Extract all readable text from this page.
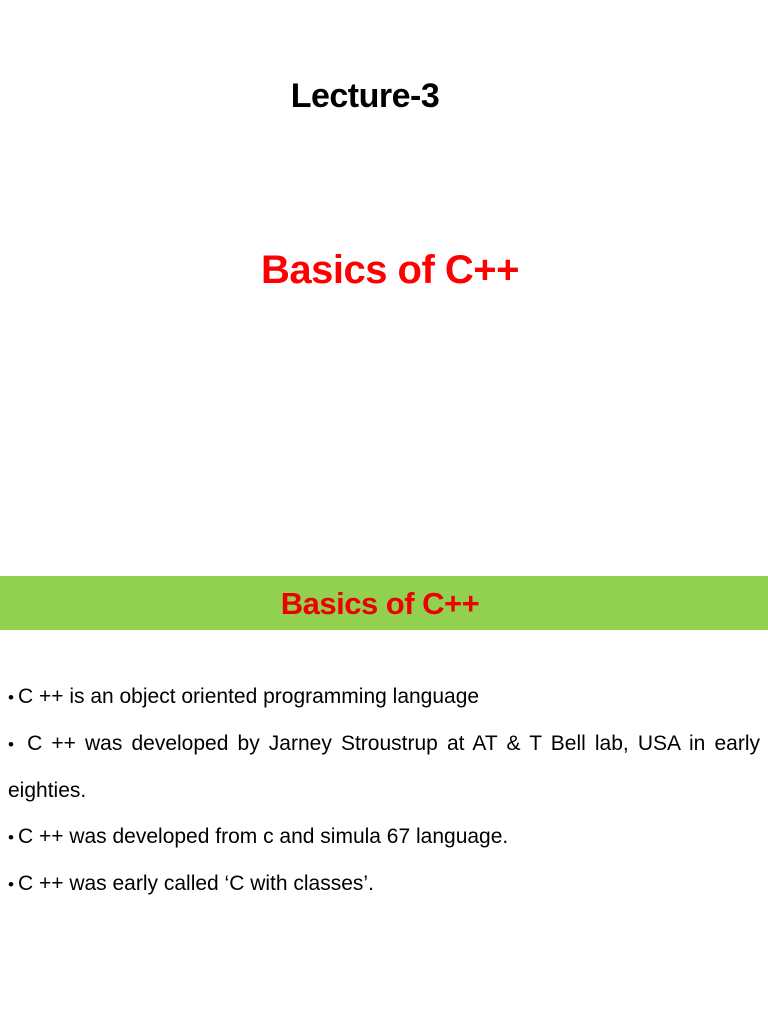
Lecture-3
Basics of C++
Basics of C++

• C ++ is an object oriented programming language

• C ++ was developed by Jarney Stroustrup at AT & T Bell lab, USA in early eighties.

• C ++ was developed from c and simula 67 language.

• C ++ was early called ‘C with classes’.
